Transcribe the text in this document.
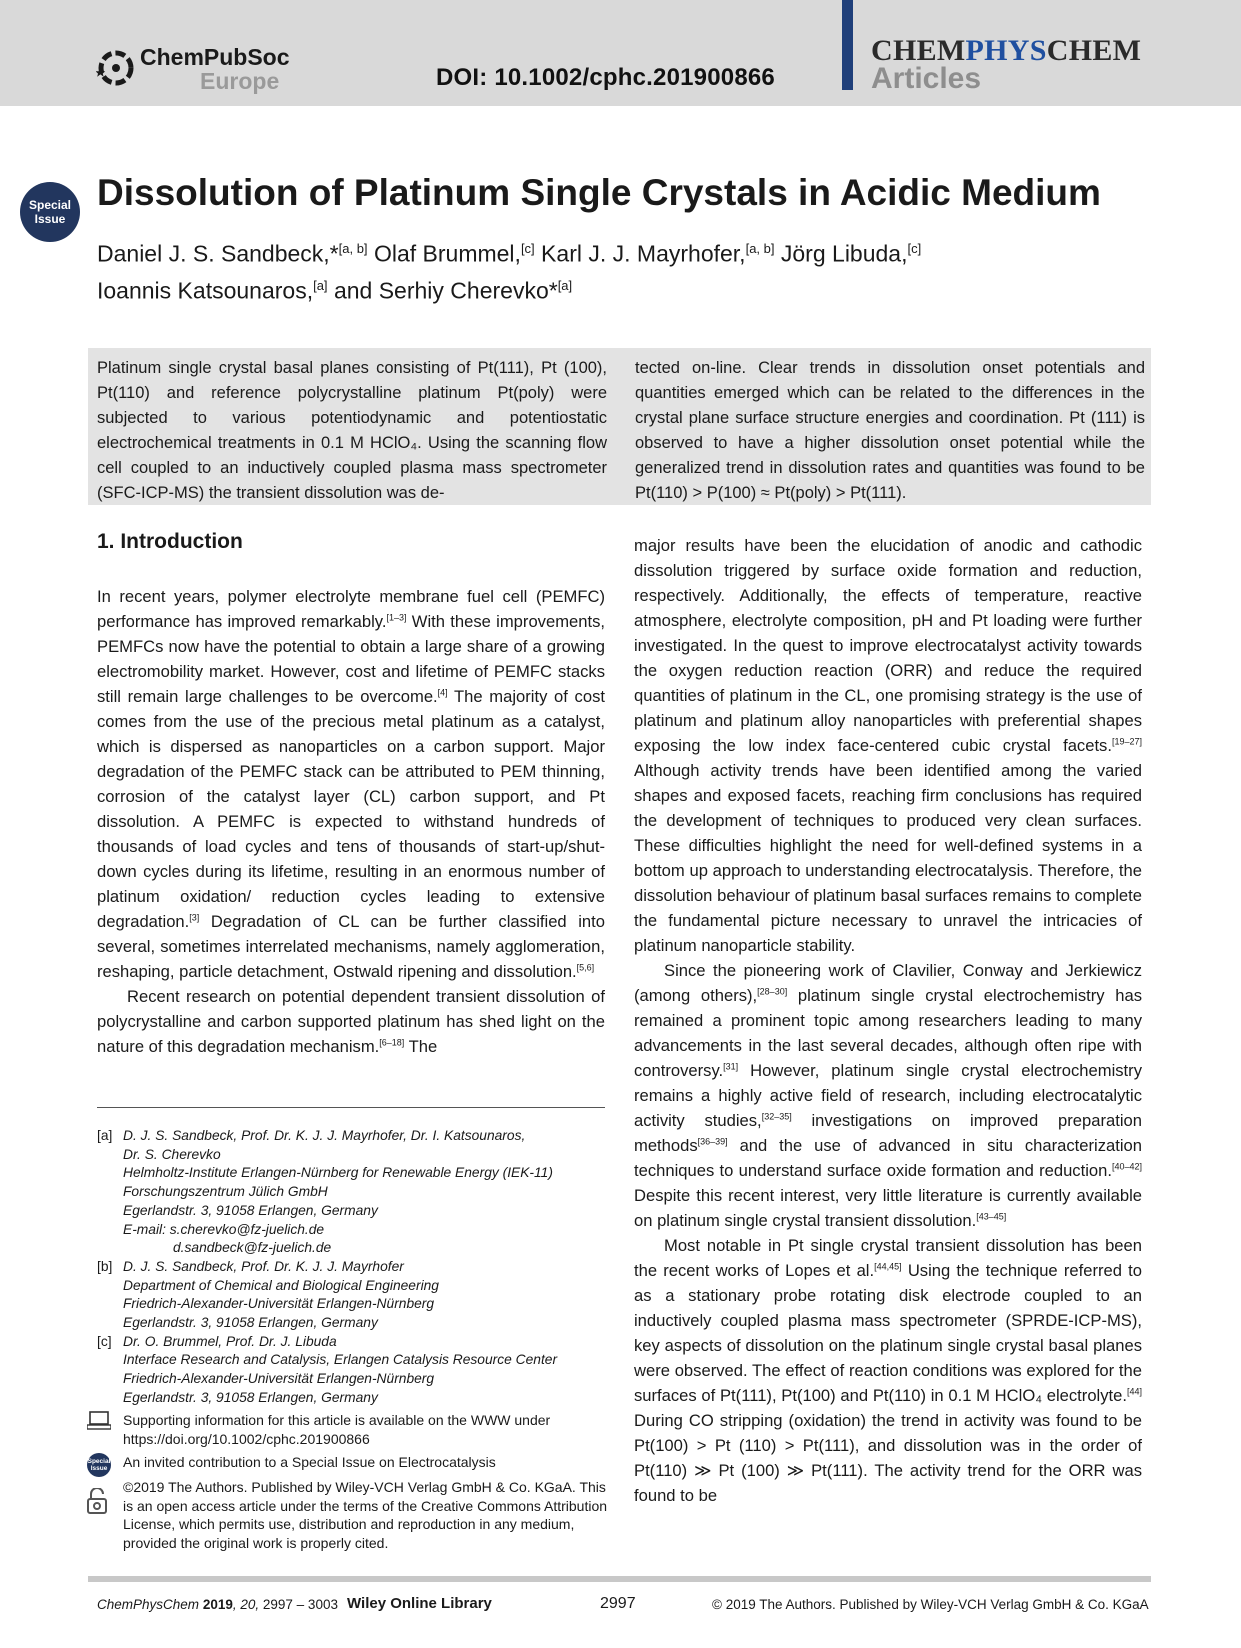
ChemPubSoc
Europe	DOI: 10.1002/cphc.201900866
CHEMPHYSCHEM
Articles
Special
Issue
Dissolution of Platinum Single Crystals in Acidic Medium
Daniel J. S. Sandbeck,*[a, b] Olaf Brummel,[c] Karl J. J. Mayrhofer,[a, b] Jörg Libuda,[c]
Ioannis Katsounaros,[a] and Serhiy Cherevko*[a]
Platinum single crystal basal planes consisting of Pt(111), Pt (100), Pt(110) and reference polycrystalline platinum Pt(poly) were subjected to various potentiodynamic and potentiostatic electrochemical treatments in 0.1 M HClO₄. Using the scanning flow cell coupled to an inductively coupled plasma mass spectrometer (SFC-ICP-MS) the transient dissolution was de-
tected on-line. Clear trends in dissolution onset potentials and quantities emerged which can be related to the differences in the crystal plane surface structure energies and coordination. Pt (111) is observed to have a higher dissolution onset potential while the generalized trend in dissolution rates and quantities was found to be Pt(110) > P(100) ≈ Pt(poly) > Pt(111).
1. Introduction

In recent years, polymer electrolyte membrane fuel cell (PEMFC) performance has improved remarkably.[1–3] With these improvements, PEMFCs now have the potential to obtain a large share of a growing electromobility market. However, cost and lifetime of PEMFC stacks still remain large challenges to be overcome.[4] The majority of cost comes from the use of the precious metal platinum as a catalyst, which is dispersed as nanoparticles on a carbon support. Major degradation of the PEMFC stack can be attributed to PEM thinning, corrosion of the catalyst layer (CL) carbon support, and Pt dissolution. A PEMFC is expected to withstand hundreds of thousands of load cycles and tens of thousands of start-up/shut-down cycles during its lifetime, resulting in an enormous number of platinum oxidation/ reduction cycles leading to extensive degradation.[3] Degradation of CL can be further classified into several, sometimes interrelated mechanisms, namely agglomeration, reshaping, particle detachment, Ostwald ripening and dissolution.[5,6]

Recent research on potential dependent transient dissolution of polycrystalline and carbon supported platinum has shed light on the nature of this degradation mechanism.[6–18] The

major results have been the elucidation of anodic and cathodic dissolution triggered by surface oxide formation and reduction, respectively. Additionally, the effects of temperature, reactive atmosphere, electrolyte composition, pH and Pt loading were further investigated. In the quest to improve electrocatalyst activity towards the oxygen reduction reaction (ORR) and reduce the required quantities of platinum in the CL, one promising strategy is the use of platinum and platinum alloy nanoparticles with preferential shapes exposing the low index face-centered cubic crystal facets.[19–27] Although activity trends have been identified among the varied shapes and exposed facets, reaching firm conclusions has required the development of techniques to produced very clean surfaces. These difficulties highlight the need for well-defined systems in a bottom up approach to understanding electrocatalysis. Therefore, the dissolution behaviour of platinum basal surfaces remains to complete the fundamental picture necessary to unravel the intricacies of platinum nanoparticle stability.

Since the pioneering work of Clavilier, Conway and Jerkiewicz (among others),[28–30] platinum single crystal electrochemistry has remained a prominent topic among researchers leading to many advancements in the last several decades, although often ripe with controversy.[31] However, platinum single crystal electrochemistry remains a highly active field of research, including electrocatalytic activity studies,[32–35] investigations on improved preparation methods[36–39] and the use of advanced in situ characterization techniques to understand surface oxide formation and reduction.[40–42] Despite this recent interest, very little literature is currently available on platinum single crystal transient dissolution.[43–45]

Most notable in Pt single crystal transient dissolution has been the recent works of Lopes et al.[44,45] Using the technique referred to as a stationary probe rotating disk electrode coupled to an inductively coupled plasma mass spectrometer (SPRDE-ICP-MS), key aspects of dissolution on the platinum single crystal basal planes were observed. The effect of reaction conditions was explored for the surfaces of Pt(111), Pt(100) and Pt(110) in 0.1 M HClO₄ electrolyte.[44] During CO stripping (oxidation) the trend in activity was found to be Pt(100) > Pt (110) > Pt(111), and dissolution was in the order of Pt(110) ≫ Pt (100) ≫ Pt(111). The activity trend for the ORR was found to be

[a] D. J. S. Sandbeck, Prof. Dr. K. J. J. Mayrhofer, Dr. I. Katsounaros,
Dr. S. Cherevko
Helmholtz-Institute Erlangen-Nürnberg for Renewable Energy (IEK-11)
Forschungszentrum Jülich GmbH
Egerlandstr. 3, 91058 Erlangen, Germany
E-mail: s.cherevko@fz-juelich.de
d.sandbeck@fz-juelich.de
[b] D. J. S. Sandbeck, Prof. Dr. K. J. J. Mayrhofer
Department of Chemical and Biological Engineering
Friedrich-Alexander-Universität Erlangen-Nürnberg
Egerlandstr. 3, 91058 Erlangen, Germany
[c] Dr. O. Brummel, Prof. Dr. J. Libuda
Interface Research and Catalysis, Erlangen Catalysis Resource Center
Friedrich-Alexander-Universität Erlangen-Nürnberg
Egerlandstr. 3, 91058 Erlangen, Germany
Supporting information for this article is available on the WWW under https://doi.org/10.1002/cphc.201900866
Special
Issue	An invited contribution to a Special Issue on Electrocatalysis
©2019 The Authors. Published by Wiley-VCH Verlag GmbH & Co. KGaA. This is an open access article under the terms of the Creative Commons Attribution License, which permits use, distribution and reproduction in any medium, provided the original work is properly cited.
ChemPhysChem 2019, 20, 2997 – 3003 Wiley Online Library	2997	© 2019 The Authors. Published by Wiley-VCH Verlag GmbH & Co. KGaA
